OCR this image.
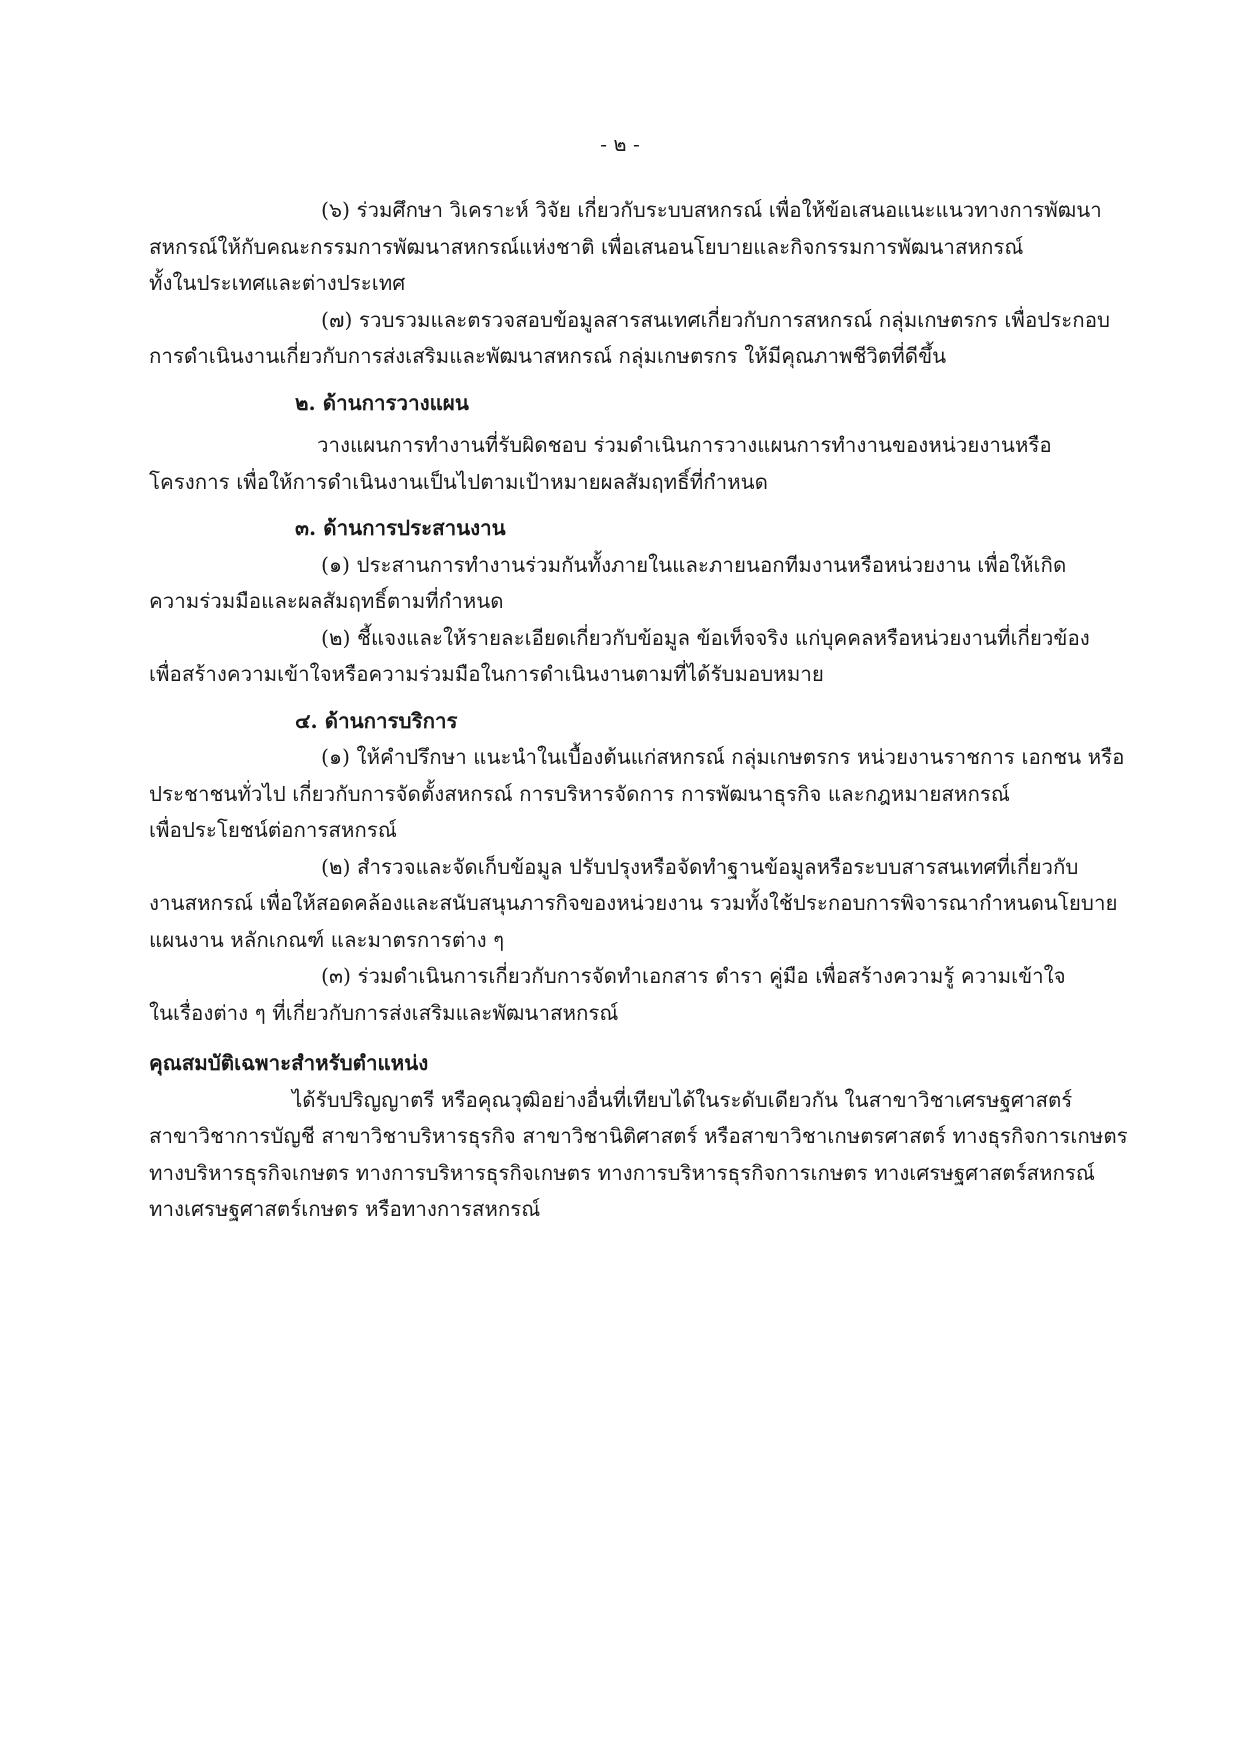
- ๒ -
(๖) ร่วมศึกษา วิเคราะห์ วิจัย เกี่ยวกับระบบสหกรณ์ เพื่อให้ข้อเสนอแนะแนวทางการพัฒนา
สหกรณ์ให้กับคณะกรรมการพัฒนาสหกรณ์แห่งชาติ เพื่อเสนอนโยบายและกิจกรรมการพัฒนาสหกรณ์
ทั้งในประเทศและต่างประเทศ
(๗) รวบรวมและตรวจสอบข้อมูลสารสนเทศเกี่ยวกับการสหกรณ์ กลุ่มเกษตรกร เพื่อประกอบ
การดำเนินงานเกี่ยวกับการส่งเสริมและพัฒนาสหกรณ์ กลุ่มเกษตรกร ให้มีคุณภาพชีวิตที่ดีขึ้น
๒. ด้านการวางแผน
วางแผนการทำงานที่รับผิดชอบ ร่วมดำเนินการวางแผนการทำงานของหน่วยงานหรือ
โครงการ เพื่อให้การดำเนินงานเป็นไปตามเป้าหมายผลสัมฤทธิ์ที่กำหนด
๓. ด้านการประสานงาน
(๑) ประสานการทำงานร่วมกันทั้งภายในและภายนอกทีมงานหรือหน่วยงาน เพื่อให้เกิด
ความร่วมมือและผลสัมฤทธิ์ตามที่กำหนด
(๒) ชี้แจงและให้รายละเอียดเกี่ยวกับข้อมูล ข้อเท็จจริง แก่บุคคลหรือหน่วยงานที่เกี่ยวข้อง
เพื่อสร้างความเข้าใจหรือความร่วมมือในการดำเนินงานตามที่ได้รับมอบหมาย
๔. ด้านการบริการ
(๑) ให้คำปรึกษา แนะนำในเบื้องต้นแก่สหกรณ์ กลุ่มเกษตรกร หน่วยงานราชการ เอกชน หรือ
ประชาชนทั่วไป เกี่ยวกับการจัดตั้งสหกรณ์ การบริหารจัดการ การพัฒนาธุรกิจ และกฎหมายสหกรณ์
เพื่อประโยชน์ต่อการสหกรณ์
(๒) สำรวจและจัดเก็บข้อมูล ปรับปรุงหรือจัดทำฐานข้อมูลหรือระบบสารสนเทศที่เกี่ยวกับ
งานสหกรณ์ เพื่อให้สอดคล้องและสนับสนุนภารกิจของหน่วยงาน รวมทั้งใช้ประกอบการพิจารณากำหนดนโยบาย
แผนงาน หลักเกณฑ์ และมาตรการต่าง ๆ
(๓) ร่วมดำเนินการเกี่ยวกับการจัดทำเอกสาร ตำรา คู่มือ เพื่อสร้างความรู้ ความเข้าใจ
ในเรื่องต่าง ๆ ที่เกี่ยวกับการส่งเสริมและพัฒนาสหกรณ์
คุณสมบัติเฉพาะสำหรับตำแหน่ง
ได้รับปริญญาตรี หรือคุณวุฒิอย่างอื่นที่เทียบได้ในระดับเดียวกัน ในสาขาวิชาเศรษฐศาสตร์
สาขาวิชาการบัญชี สาขาวิชาบริหารธุรกิจ สาขาวิชานิติศาสตร์ หรือสาขาวิชาเกษตรศาสตร์ ทางธุรกิจการเกษตร
ทางบริหารธุรกิจเกษตร ทางการบริหารธุรกิจเกษตร ทางการบริหารธุรกิจการเกษตร ทางเศรษฐศาสตร์สหกรณ์
ทางเศรษฐศาสตร์เกษตร หรือทางการสหกรณ์
